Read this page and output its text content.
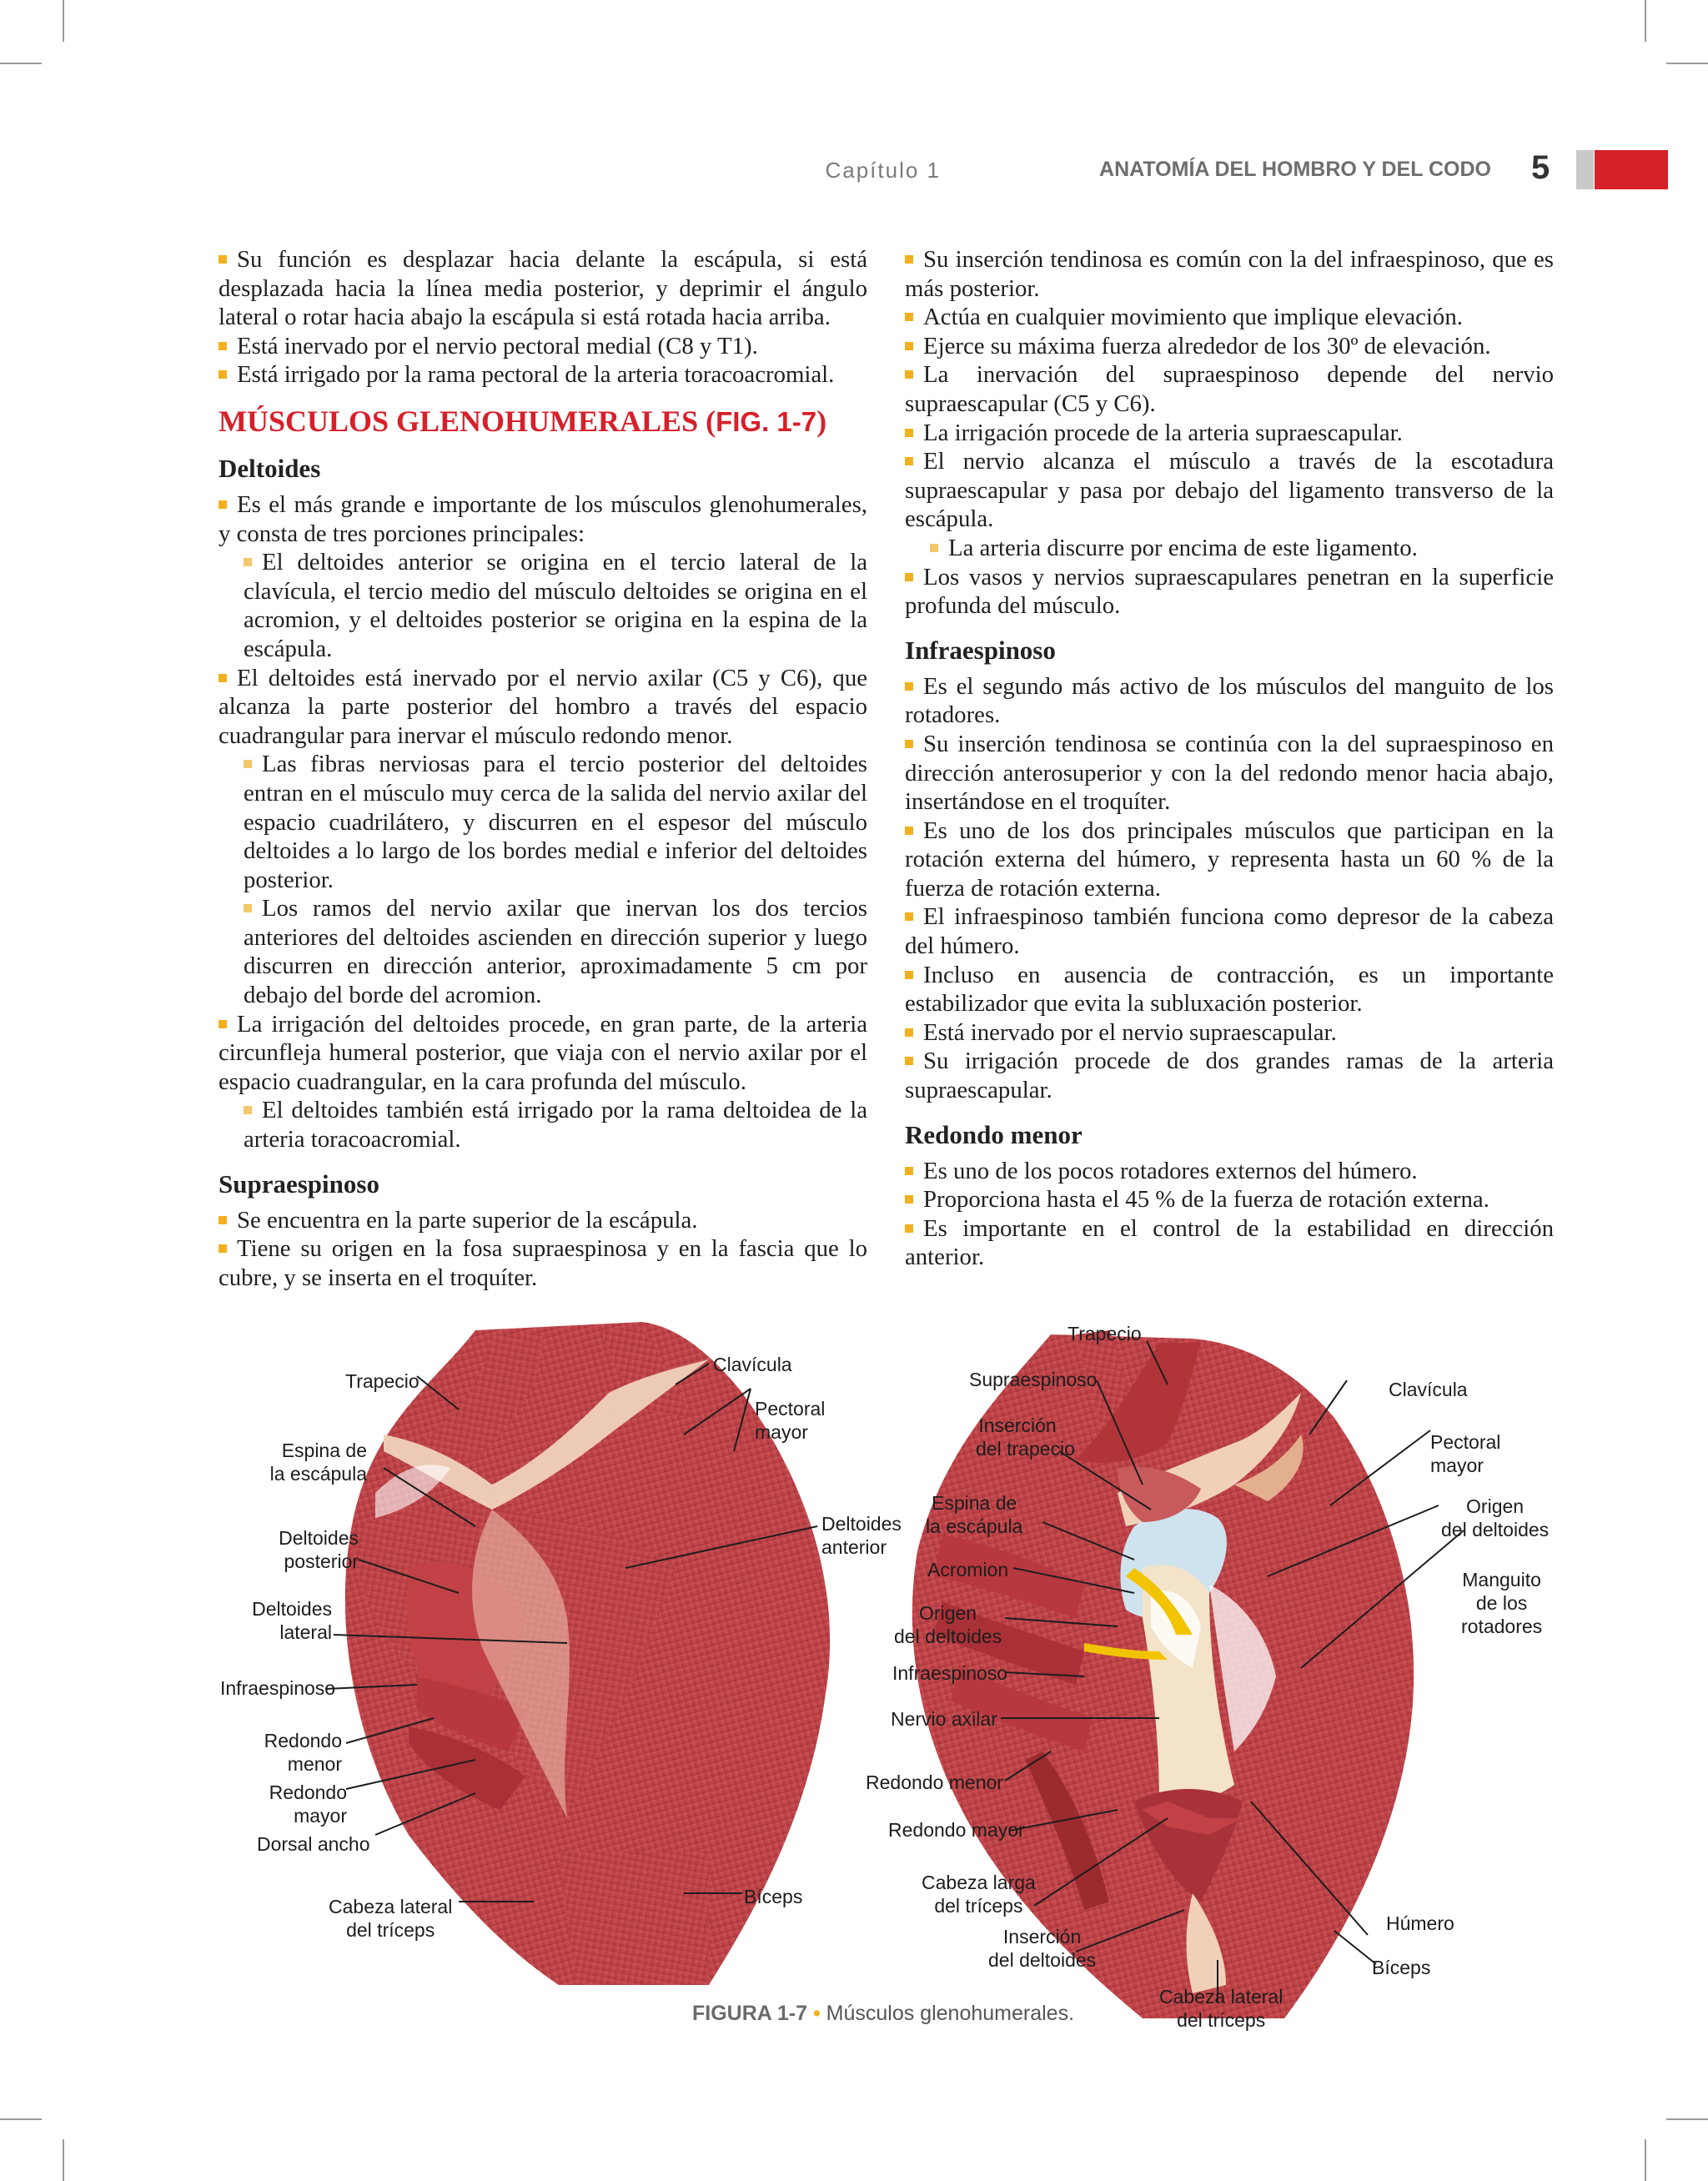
Capítulo 1	ANATOMÍA DEL HOMBRO Y DEL CODO 5

Su función es desplazar hacia delante la escápula, si está desplazada hacia la línea media posterior, y deprimir el ángulo lateral o rotar hacia abajo la escápula si está rotada hacia arriba.

Está inervado por el nervio pectoral medial (C8 y T1).

Está irrigado por la rama pectoral de la arteria toracoacromial.

MÚSCULOS GLENOHUMERALES (FIG. 1-7)
Deltoides

Es el más grande e importante de los músculos glenohumerales, y consta de tres porciones principales:

El deltoides anterior se origina en el tercio lateral de la clavícula, el tercio medio del músculo deltoides se origina en el acromion, y el deltoides posterior se origina en la espina de la escápula.

El deltoides está inervado por el nervio axilar (C5 y C6), que alcanza la parte posterior del hombro a través del espacio cuadrangular para inervar el músculo redondo menor.

Las fibras nerviosas para el tercio posterior del deltoides entran en el músculo muy cerca de la salida del nervio axilar del espacio cuadrilátero, y discurren en el espesor del músculo deltoides a lo largo de los bordes medial e inferior del deltoides posterior.

Los ramos del nervio axilar que inervan los dos tercios anteriores del deltoides ascienden en dirección superior y luego discurren en dirección anterior, aproximadamente 5 cm por debajo del borde del acromion.

La irrigación del deltoides procede, en gran parte, de la arteria circunfleja humeral posterior, que viaja con el nervio axilar por el espacio cuadrangular, en la cara profunda del músculo.

El deltoides también está irrigado por la rama deltoidea de la arteria toracoacromial.

Supraespinoso

Se encuentra en la parte superior de la escápula.

Tiene su origen en la fosa supraespinosa y en la fascia que lo cubre, y se inserta en el troquíter.

Su inserción tendinosa es común con la del infraespinoso, que es más posterior.

Actúa en cualquier movimiento que implique elevación.

Ejerce su máxima fuerza alrededor de los 30º de elevación.

La inervación del supraespinoso depende del nervio supraescapular (C5 y C6).

La irrigación procede de la arteria supraescapular.

El nervio alcanza el músculo a través de la escotadura supraescapular y pasa por debajo del ligamento transverso de la escápula.

La arteria discurre por encima de este ligamento.

Los vasos y nervios supraescapulares penetran en la superficie profunda del músculo.

Infraespinoso

Es el segundo más activo de los músculos del manguito de los rotadores.

Su inserción tendinosa se continúa con la del supraespinoso en dirección anterosuperior y con la del redondo menor hacia abajo, insertándose en el troquíter.

Es uno de los dos principales músculos que participan en la rotación externa del húmero, y representa hasta un 60 % de la fuerza de rotación externa.

El infraespinoso también funciona como depresor de la cabeza del húmero.

Incluso en ausencia de contracción, es un importante estabilizador que evita la subluxación posterior.

Está inervado por el nervio supraescapular.

Su irrigación procede de dos grandes ramas de la arteria supraescapular.

Redondo menor

Es uno de los pocos rotadores externos del húmero.

Proporciona hasta el 45 % de la fuerza de rotación externa.

Es importante en el control de la estabilidad en dirección anterior.

Trapecio
Clavícula
Pectoral
mayor
Espina de
la escápula
Deltoides
anterior
Deltoides
posterior
Deltoides
lateral
Infraespinoso
Redondo
menor
Redondo
mayor
Dorsal ancho
Cabeza lateral
del tríceps
Bíceps
Trapecio
Supraespinoso	Clavícula
Inserción
del trapecio	Pectoral
mayor
Espina de
la escápula
Origen
del deltoides
Acromion	Manguito
de los
rotadores
Origen
del deltoides
Infraespinoso
Nervio axilar
Redondo menor
Redondo mayor
Cabeza larga
del tríceps
Húmero
Inserción
del deltoides	Bíceps
Cabeza lateral
del tríceps
FIGURA 1-7 • Músculos glenohumerales.
